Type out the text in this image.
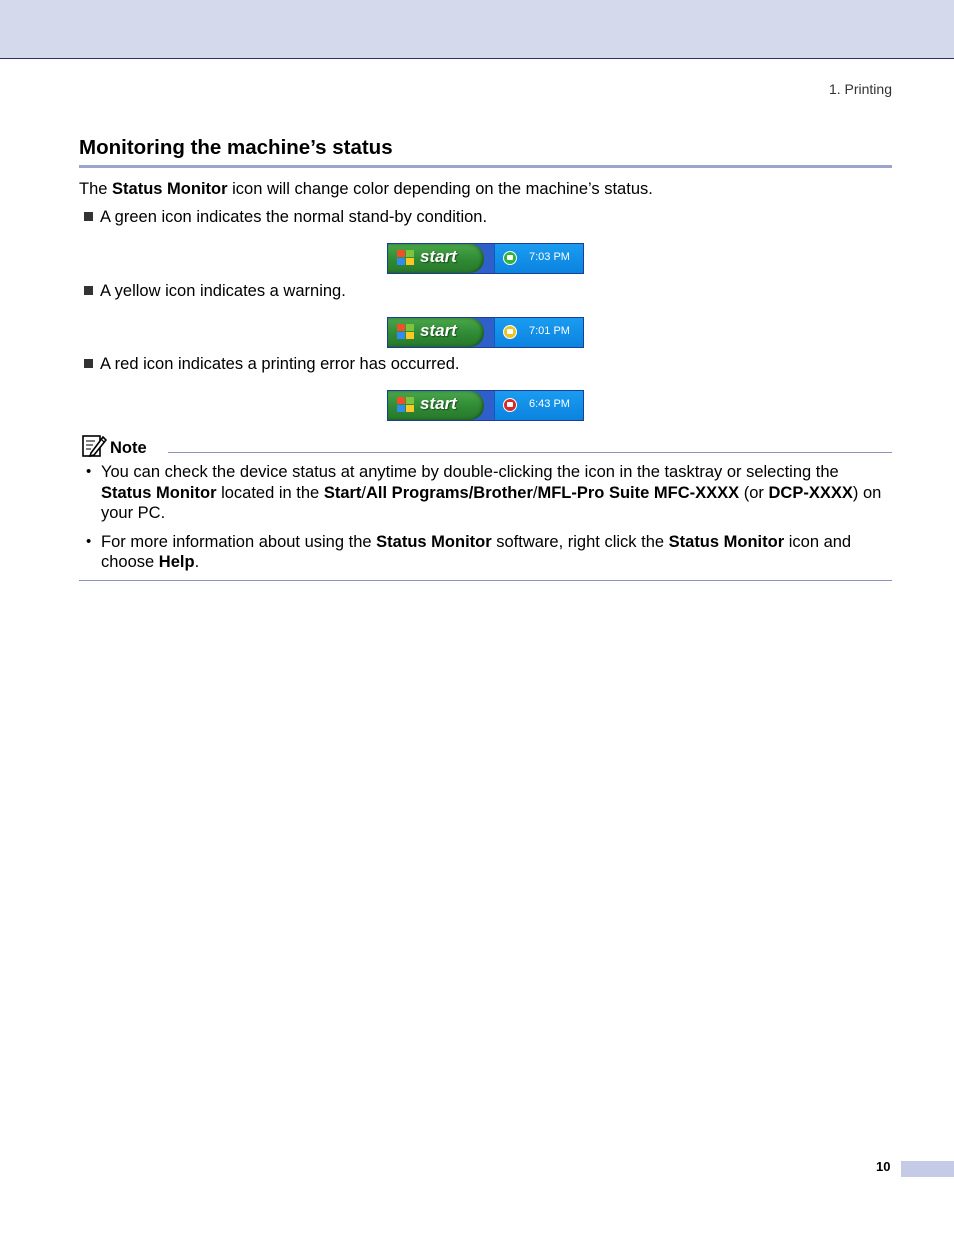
1. Printing
Monitoring the machine’s status
The Status Monitor icon will change color depending on the machine’s status.
A green icon indicates the normal stand-by condition.
start	7:03 PM
A yellow icon indicates a warning.
start	7:01 PM
A red icon indicates a printing error has occurred.
start	6:43 PM
Note
• You can check the device status at anytime by double-clicking the icon in the tasktray or selecting the Status Monitor located in the Start/All Programs/Brother/MFL-Pro Suite MFC-XXXX (or DCP-XXXX) on your PC.
• For more information about using the Status Monitor software, right click the Status Monitor icon and choose Help.
10
